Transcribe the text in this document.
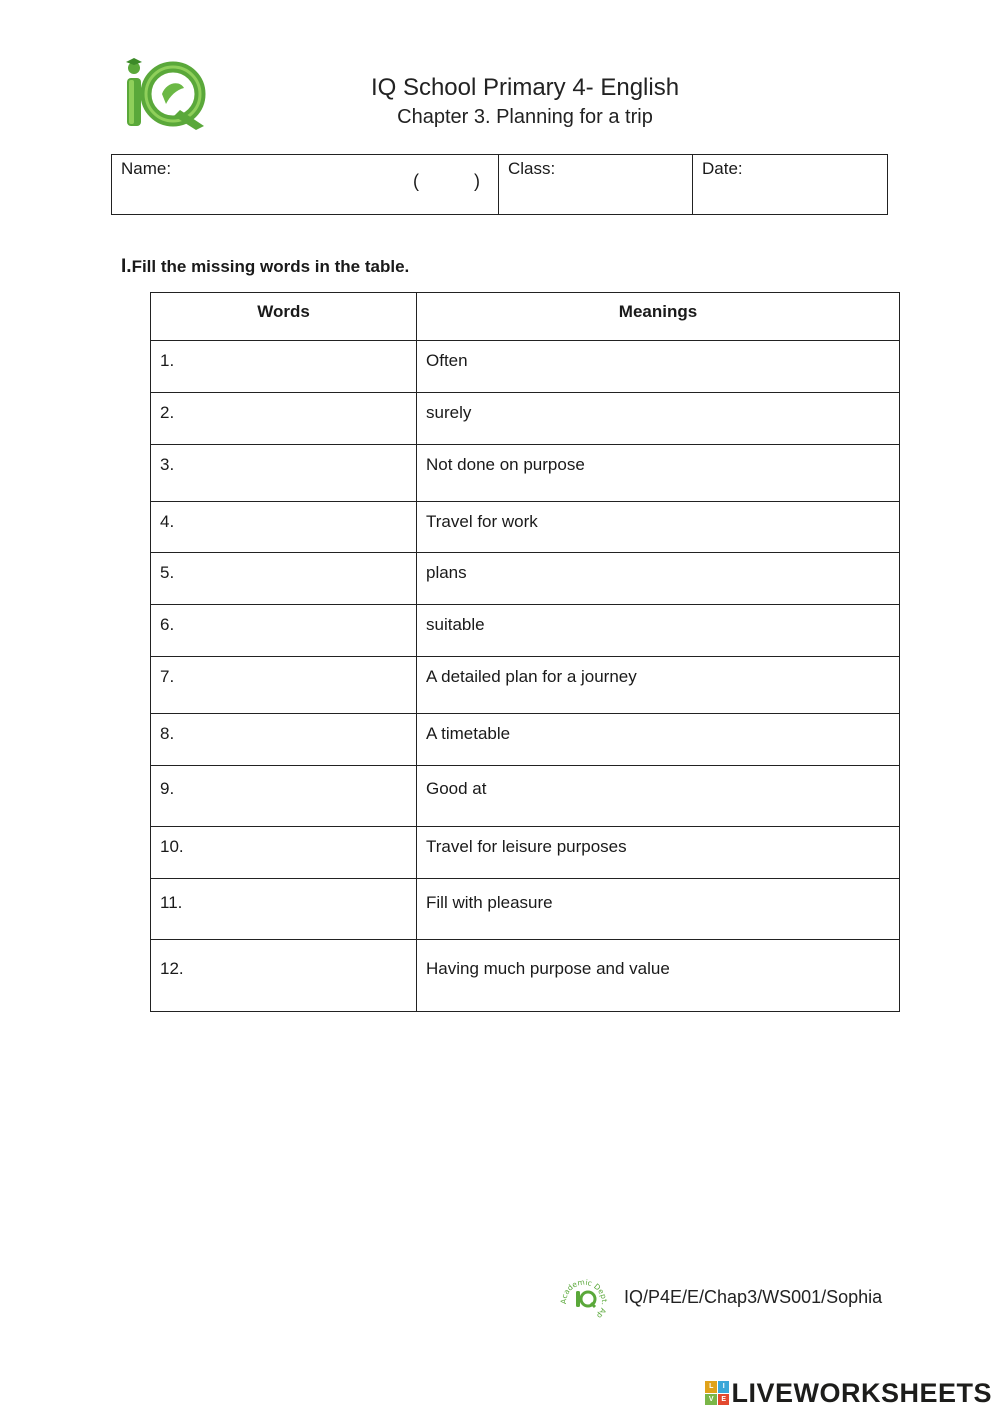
IQ
IQ School Primary 4- English
Chapter 3. Planning for a trip
Name:
(	)
Class:	Date:
I.Fill the missing words in the table.
Words	Meanings
1.	Often
2.	surely
3.	Not done on purpose
4.	Travel for work
5.	plans
6.	suitable
7.	A detailed plan for a journey
8.	A timetable
9.	Good at
10.	Travel for leisure purposes
11.	Fill with pleasure
12.	Having much purpose and value
Academic Dept. Ap
IQ/P4E/E/Chap3/WS001/Sophia
L	I
V	E LIVEWORKSHEETS
